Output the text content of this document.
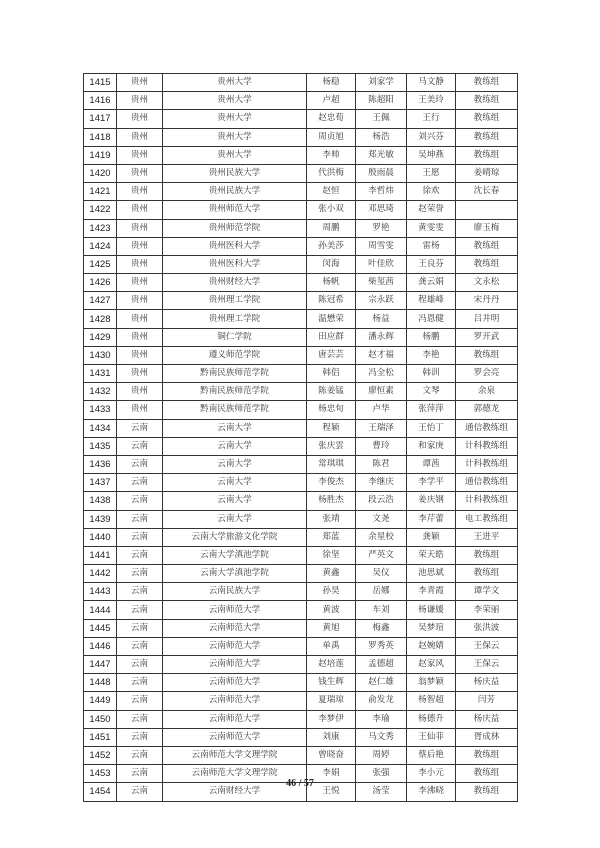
1415	贵州	贵州大学	杨稳	刘家学	马文静	教练组
1416	贵州	贵州大学	卢超	陈超阳	王美玲	教练组
1417	贵州	贵州大学	赵忠荀	王佩	王行	教练组
1418	贵州	贵州大学	周贞旭	杨浩	刘兴芬	教练组
1419	贵州	贵州大学	李帅	郑光敏	吴坤燕	教练组
1420	贵州	贵州民族大学	代洪梅	殷雨晨	王愿	姜晴琼
1421	贵州	贵州民族大学	赵恒	李哲炜	徐欢	沈长春
1422	贵州	贵州师范大学	张小双	邓思琦	赵荣誉	
1423	贵州	贵州师范学院	周鹏	罗艳	黄雯雯	廖玉梅
1424	贵州	贵州医科大学	孙美莎	周雪雯	雷杨	教练组
1425	贵州	贵州医科大学	闵海	叶佳欣	王良芬	教练组
1426	贵州	贵州财经大学	杨帆	柴玺茜	龚云娟	文永松
1427	贵州	贵州理工学院	陈冠希	宗永跃	程雄峰	宋丹丹
1428	贵州	贵州理工学院	温懋荣	杨益	冯恩健	吕井明
1429	贵州	铜仁学院	田应群	潘永辉	杨鹏	罗开武
1430	贵州	遵义师范学院	唐芸芸	赵才福	李艳	教练组
1431	贵州	黔南民族师范学院	韩侣	冯全松	韩训	罗会亮
1432	贵州	黔南民族师范学院	陈姜锰	廖恒素	文琴	余泉
1433	贵州	黔南民族师范学院	杨忠旬	卢华	张萍萍	郭德龙
1434	云南	云南大学	程颖	王瑞泽	王怡丁	通信教练组
1435	云南	云南大学	张庆雲	曹玲	和家庚	计科教练组
1436	云南	云南大学	常琪琪	陈君	谭茜	计科教练组
1437	云南	云南大学	李俊杰	李继庆	李学平	通信教练组
1438	云南	云南大学	杨胜杰	段云浩	姜庆钢	计科教练组
1439	云南	云南大学	张靖	文尧	李芹蕾	电工教练组
1440	云南	云南大学旅游文化学院	郑蓝	余星校	龚颖	王进平
1441	云南	云南大学滇池学院	徐坚	严英文	荣天皓	教练组
1442	云南	云南大学滇池学院	黄鑫	吴仪	池思斌	教练组
1443	云南	云南民族大学	孙昊	岳娜	李青霞	谭学文
1444	云南	云南师范大学	黄波	车刘	杨谦媛	李荣丽
1445	云南	云南师范大学	黄旭	梅鑫	吴梦瑄	张洪波
1446	云南	云南师范大学	单禹	罗秀英	赵婉婧	王保云
1447	云南	云南师范大学	赵培莲	孟德超	赵家风	王保云
1448	云南	云南师范大学	钱生辉	赵仁雄	翁梦颖	杨庆益
1449	云南	云南师范大学	夏瑞琼	俞发龙	杨智超	闫芳
1450	云南	云南师范大学	李梦伊	李瑜	杨德升	杨庆益
1451	云南	云南师范大学	刘康	马文秀	王仙菲	胥成林
1452	云南	云南师范大学文理学院	曾晓奋	周婷	蔡后艳	教练组
1453	云南	云南师范大学文理学院	李娟	张强	李小元	教练组
1454	云南	云南财经大学	王悦	汤莹	李沸晓	教练组
46 / 57
